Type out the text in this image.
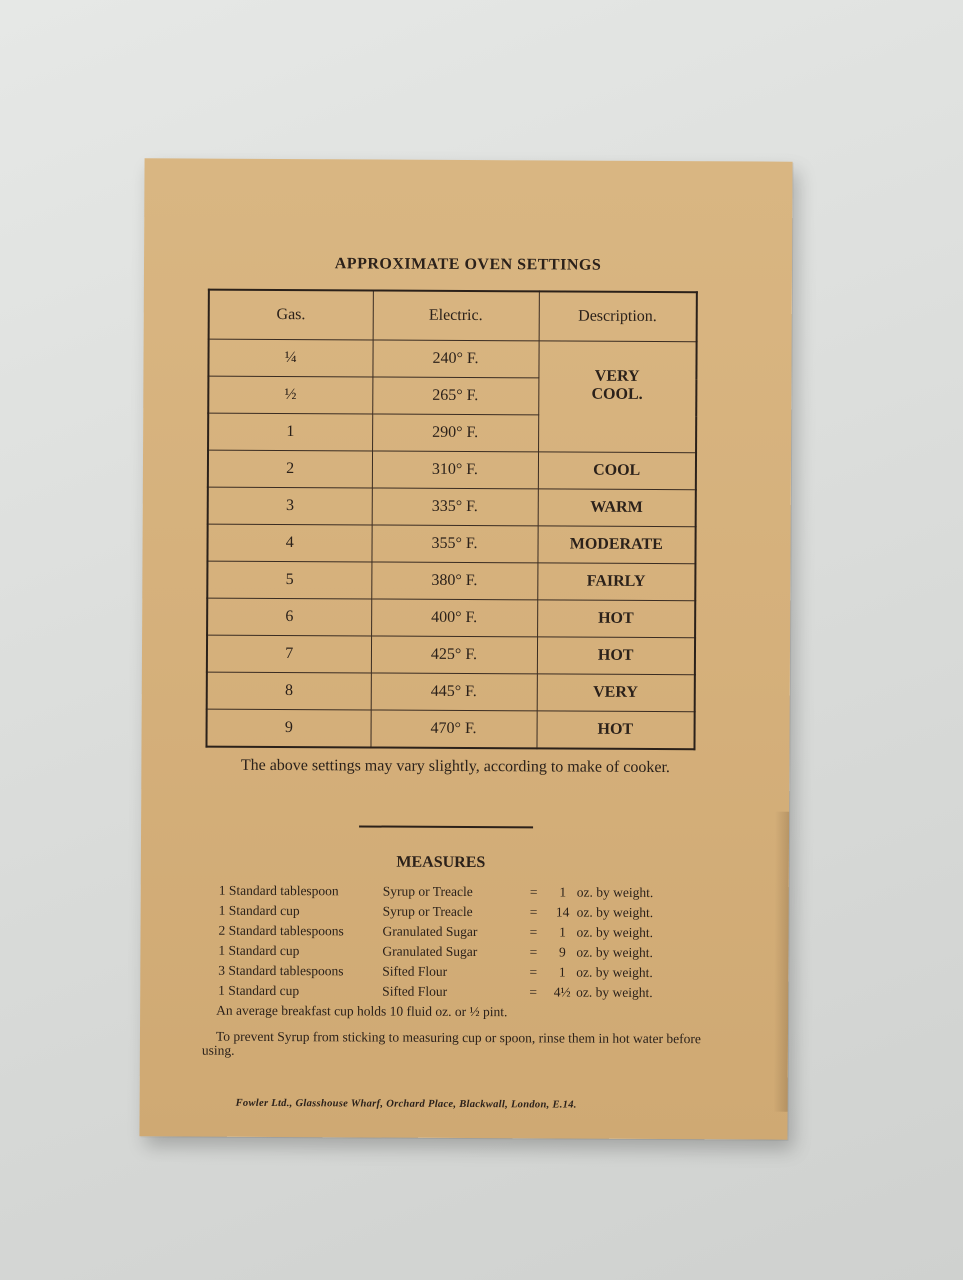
APPROXIMATE OVEN SETTINGS
Gas.	Electric.	Description.
¼	240° F.	VERY
COOL.

½	265° F.	
1	290° F.	
2	310° F.	COOL
3	335° F.	WARM
4	355° F.	MODERATE
5	380° F.	FAIRLY
6	400° F.	HOT
7	425° F.	HOT
8	445° F.	VERY
9	470° F.	HOT
The above settings may vary slightly, according to make of cooker.
MEASURES
1 Standard tablespoon	Syrup or Treacle	=	1 oz. by weight.
1 Standard cup	Syrup or Treacle	=	14 oz. by weight.
2 Standard tablespoons	Granulated Sugar	=	1 oz. by weight.
1 Standard cup	Granulated Sugar	=	9 oz. by weight.
3 Standard tablespoons	Sifted Flour	=	1 oz. by weight.
1 Standard cup	Sifted Flour	=	4½ oz. by weight.
An average breakfast cup holds 10 fluid oz. or ½ pint.
To prevent Syrup from sticking to measuring cup or spoon, rinse them in hot water before using.
Fowler Ltd., Glasshouse Wharf, Orchard Place, Blackwall, London, E.14.
